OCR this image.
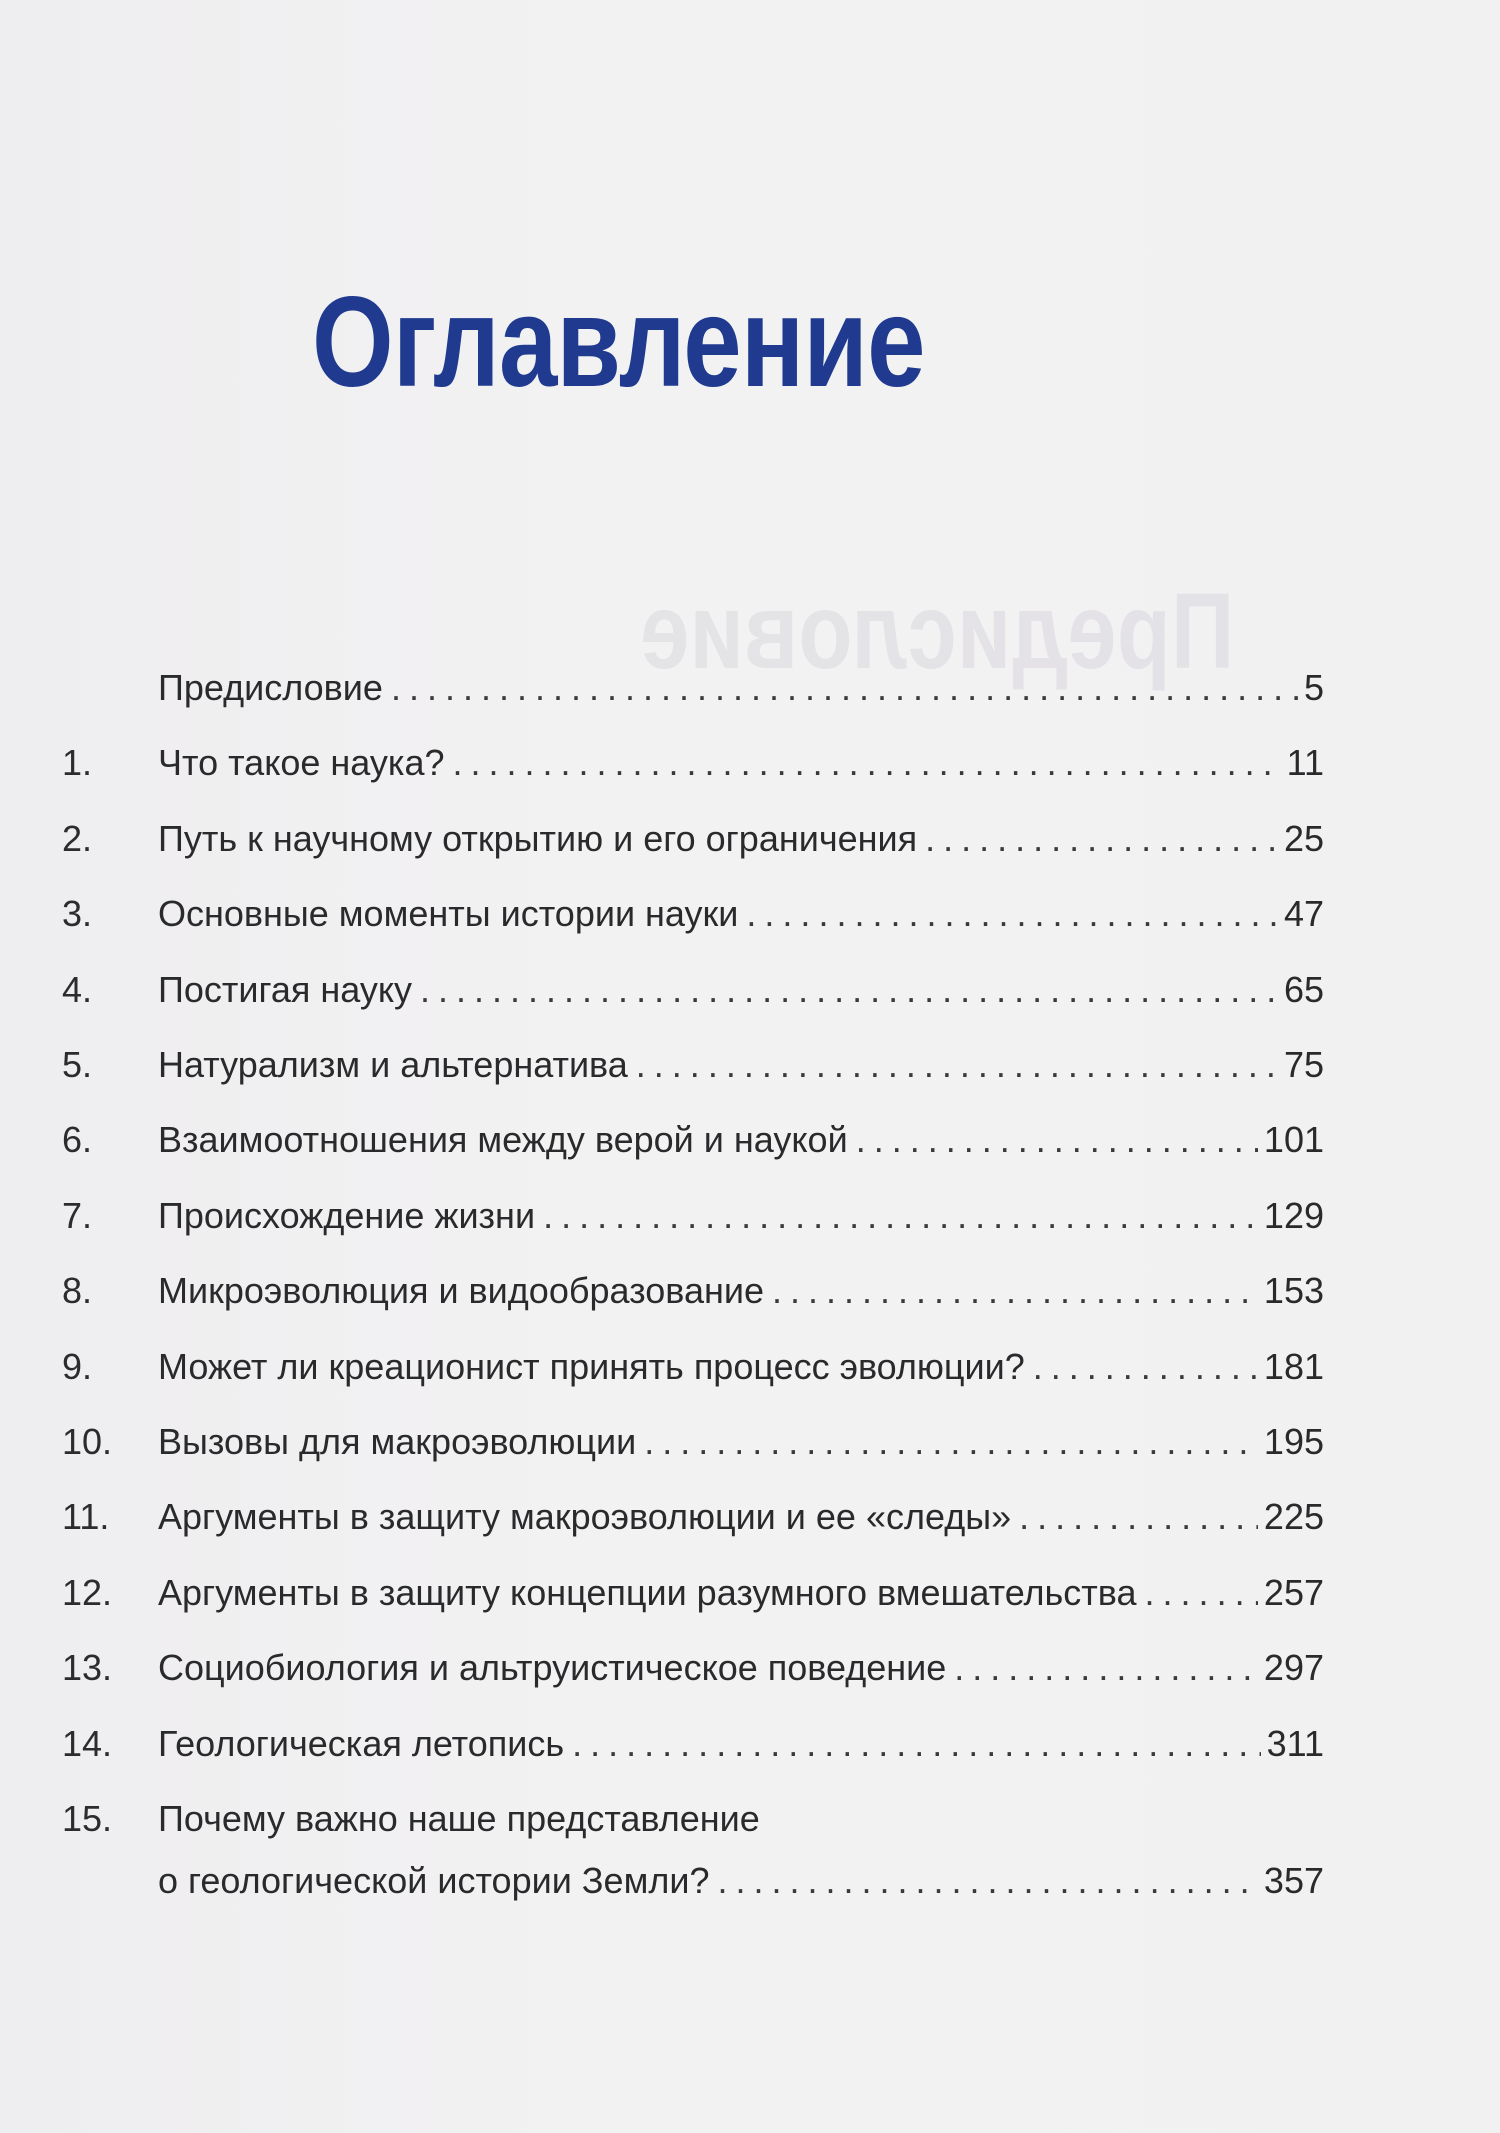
Предисловие
Оглавление
Предисловие . . .	5
1.	Что такое наука? . . .	11
2.	Путь к научному открытию и его ограничения . . .	25
3.	Основные моменты истории науки . . .	47
4.	Постигая науку . . .	65
5.	Натурализм и альтернатива . . .	75
6.	Взаимоотношения между верой и наукой . . .	101
7.	Происхождение жизни . . .	129
8.	Микроэволюция и видообразование . . .	153
9.	Может ли креационист принять процесс эволюции? . . .	181
10.	Вызовы для макроэволюции . . .	195
11.	Аргументы в защиту макроэволюции и ее «следы» . . .	225
12.	Аргументы в защиту концепции разумного вмешательства . . .	257
13.	Социобиология и альтруистическое поведение . . .	297
14.	Геологическая летопись . . .	311
15.	Почему важно наше представление
о геологической истории Земли? . . .	357
